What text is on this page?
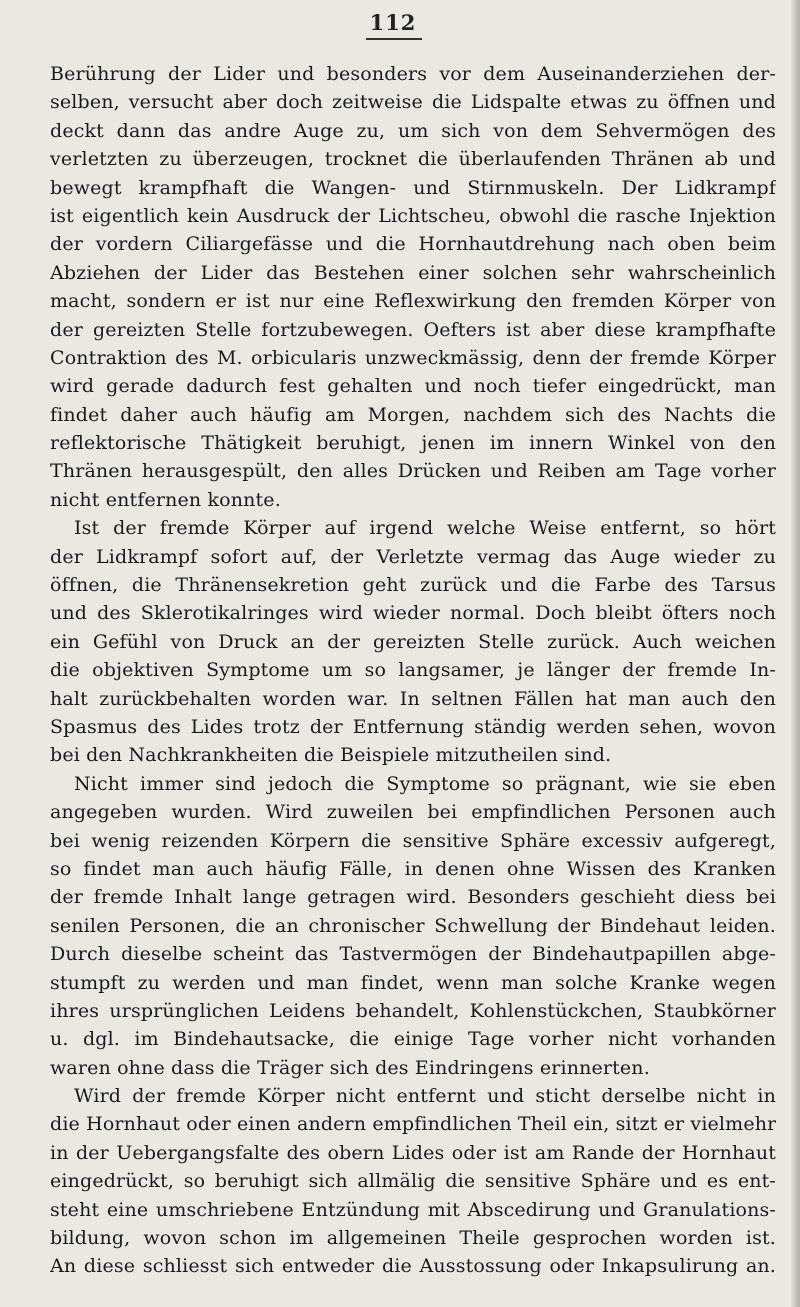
112
Berührung der Lider und besonders vor dem Auseinanderziehen der-
selben, versucht aber doch zeitweise die Lidspalte etwas zu öffnen und
deckt dann das andre Auge zu, um sich von dem Sehvermögen des
verletzten zu überzeugen, trocknet die überlaufenden Thränen ab und
bewegt krampfhaft die Wangen- und Stirnmuskeln. Der Lidkrampf
ist eigentlich kein Ausdruck der Lichtscheu, obwohl die rasche Injektion
der vordern Ciliargefässe und die Hornhautdrehung nach oben beim
Abziehen der Lider das Bestehen einer solchen sehr wahrscheinlich
macht, sondern er ist nur eine Reflexwirkung den fremden Körper von
der gereizten Stelle fortzubewegen. Oefters ist aber diese krampfhafte
Contraktion des M. orbicularis unzweckmässig, denn der fremde Körper
wird gerade dadurch fest gehalten und noch tiefer eingedrückt, man
findet daher auch häufig am Morgen, nachdem sich des Nachts die
reflektorische Thätigkeit beruhigt, jenen im innern Winkel von den
Thränen herausgespült, den alles Drücken und Reiben am Tage vorher
nicht entfernen konnte.
Ist der fremde Körper auf irgend welche Weise entfernt, so hört
der Lidkrampf sofort auf, der Verletzte vermag das Auge wieder zu
öffnen, die Thränensekretion geht zurück und die Farbe des Tarsus
und des Sklerotikalringes wird wieder normal. Doch bleibt öfters noch
ein Gefühl von Druck an der gereizten Stelle zurück. Auch weichen
die objektiven Symptome um so langsamer, je länger der fremde In-
halt zurückbehalten worden war. In seltnen Fällen hat man auch den
Spasmus des Lides trotz der Entfernung ständig werden sehen, wovon
bei den Nachkrankheiten die Beispiele mitzutheilen sind.
Nicht immer sind jedoch die Symptome so prägnant, wie sie eben
angegeben wurden. Wird zuweilen bei empfindlichen Personen auch
bei wenig reizenden Körpern die sensitive Sphäre excessiv aufgeregt,
so findet man auch häufig Fälle, in denen ohne Wissen des Kranken
der fremde Inhalt lange getragen wird. Besonders geschieht diess bei
senilen Personen, die an chronischer Schwellung der Bindehaut leiden.
Durch dieselbe scheint das Tastvermögen der Bindehautpapillen abge-
stumpft zu werden und man findet, wenn man solche Kranke wegen
ihres ursprünglichen Leidens behandelt, Kohlenstückchen, Staubkörner
u. dgl. im Bindehautsacke, die einige Tage vorher nicht vorhanden
waren ohne dass die Träger sich des Eindringens erinnerten.
Wird der fremde Körper nicht entfernt und sticht derselbe nicht in
die Hornhaut oder einen andern empfindlichen Theil ein, sitzt er vielmehr
in der Uebergangsfalte des obern Lides oder ist am Rande der Hornhaut
eingedrückt, so beruhigt sich allmälig die sensitive Sphäre und es ent-
steht eine umschriebene Entzündung mit Abscedirung und Granulations-
bildung, wovon schon im allgemeinen Theile gesprochen worden ist.
An diese schliesst sich entweder die Ausstossung oder Inkapsulirung an.
